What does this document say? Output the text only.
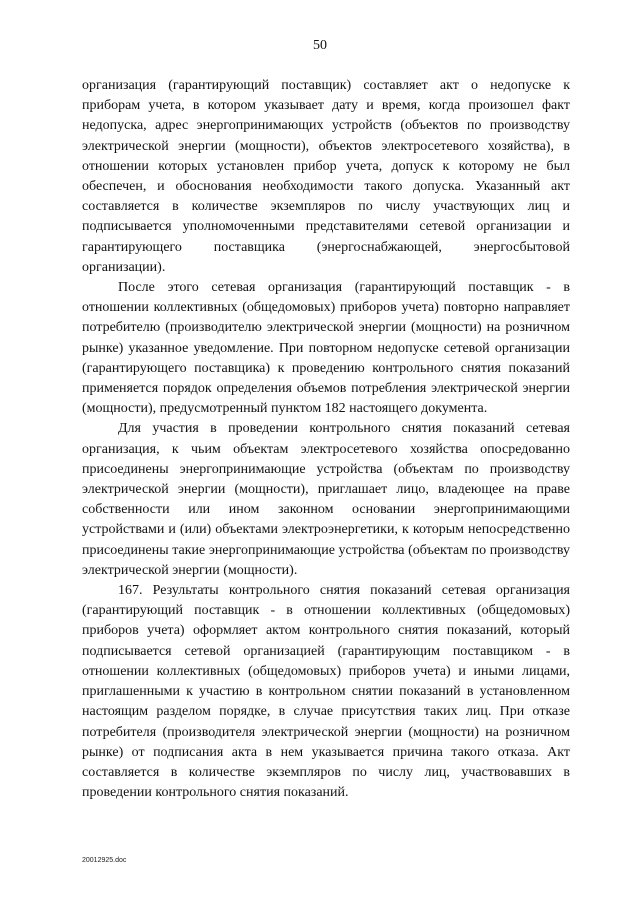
50

организация (гарантирующий поставщик) составляет акт о недопуске к приборам учета, в котором указывает дату и время, когда произошел факт недопуска, адрес энергопринимающих устройств (объектов по производству электрической энергии (мощности), объектов электросетевого хозяйства), в отношении которых установлен прибор учета, допуск к которому не был обеспечен, и обоснования необходимости такого допуска. Указанный акт составляется в количестве экземпляров по числу участвующих лиц и подписывается уполномоченными представителями сетевой организации и гарантирующего поставщика (энергоснабжающей, энергосбытовой организации).

После этого сетевая организация (гарантирующий поставщик - в отношении коллективных (общедомовых) приборов учета) повторно направляет потребителю (производителю электрической энергии (мощности) на розничном рынке) указанное уведомление. При повторном недопуске сетевой организации (гарантирующего поставщика) к проведению контрольного снятия показаний применяется порядок определения объемов потребления электрической энергии (мощности), предусмотренный пунктом 182 настоящего документа.

Для участия в проведении контрольного снятия показаний сетевая организация, к чьим объектам электросетевого хозяйства опосредованно присоединены энергопринимающие устройства (объектам по производству электрической энергии (мощности), приглашает лицо, владеющее на праве собственности или ином законном основании энергопринимающими устройствами и (или) объектами электроэнергетики, к которым непосредственно присоединены такие энергопринимающие устройства (объектам по производству электрической энергии (мощности).

167. Результаты контрольного снятия показаний сетевая организация (гарантирующий поставщик - в отношении коллективных (общедомовых) приборов учета) оформляет актом контрольного снятия показаний, который подписывается сетевой организацией (гарантирующим поставщиком - в отношении коллективных (общедомовых) приборов учета) и иными лицами, приглашенными к участию в контрольном снятии показаний в установленном настоящим разделом порядке, в случае присутствия таких лиц. При отказе потребителя (производителя электрической энергии (мощности) на розничном рынке) от подписания акта в нем указывается причина такого отказа. Акт составляется в количестве экземпляров по числу лиц, участвовавших в проведении контрольного снятия показаний.

20012925.doc
